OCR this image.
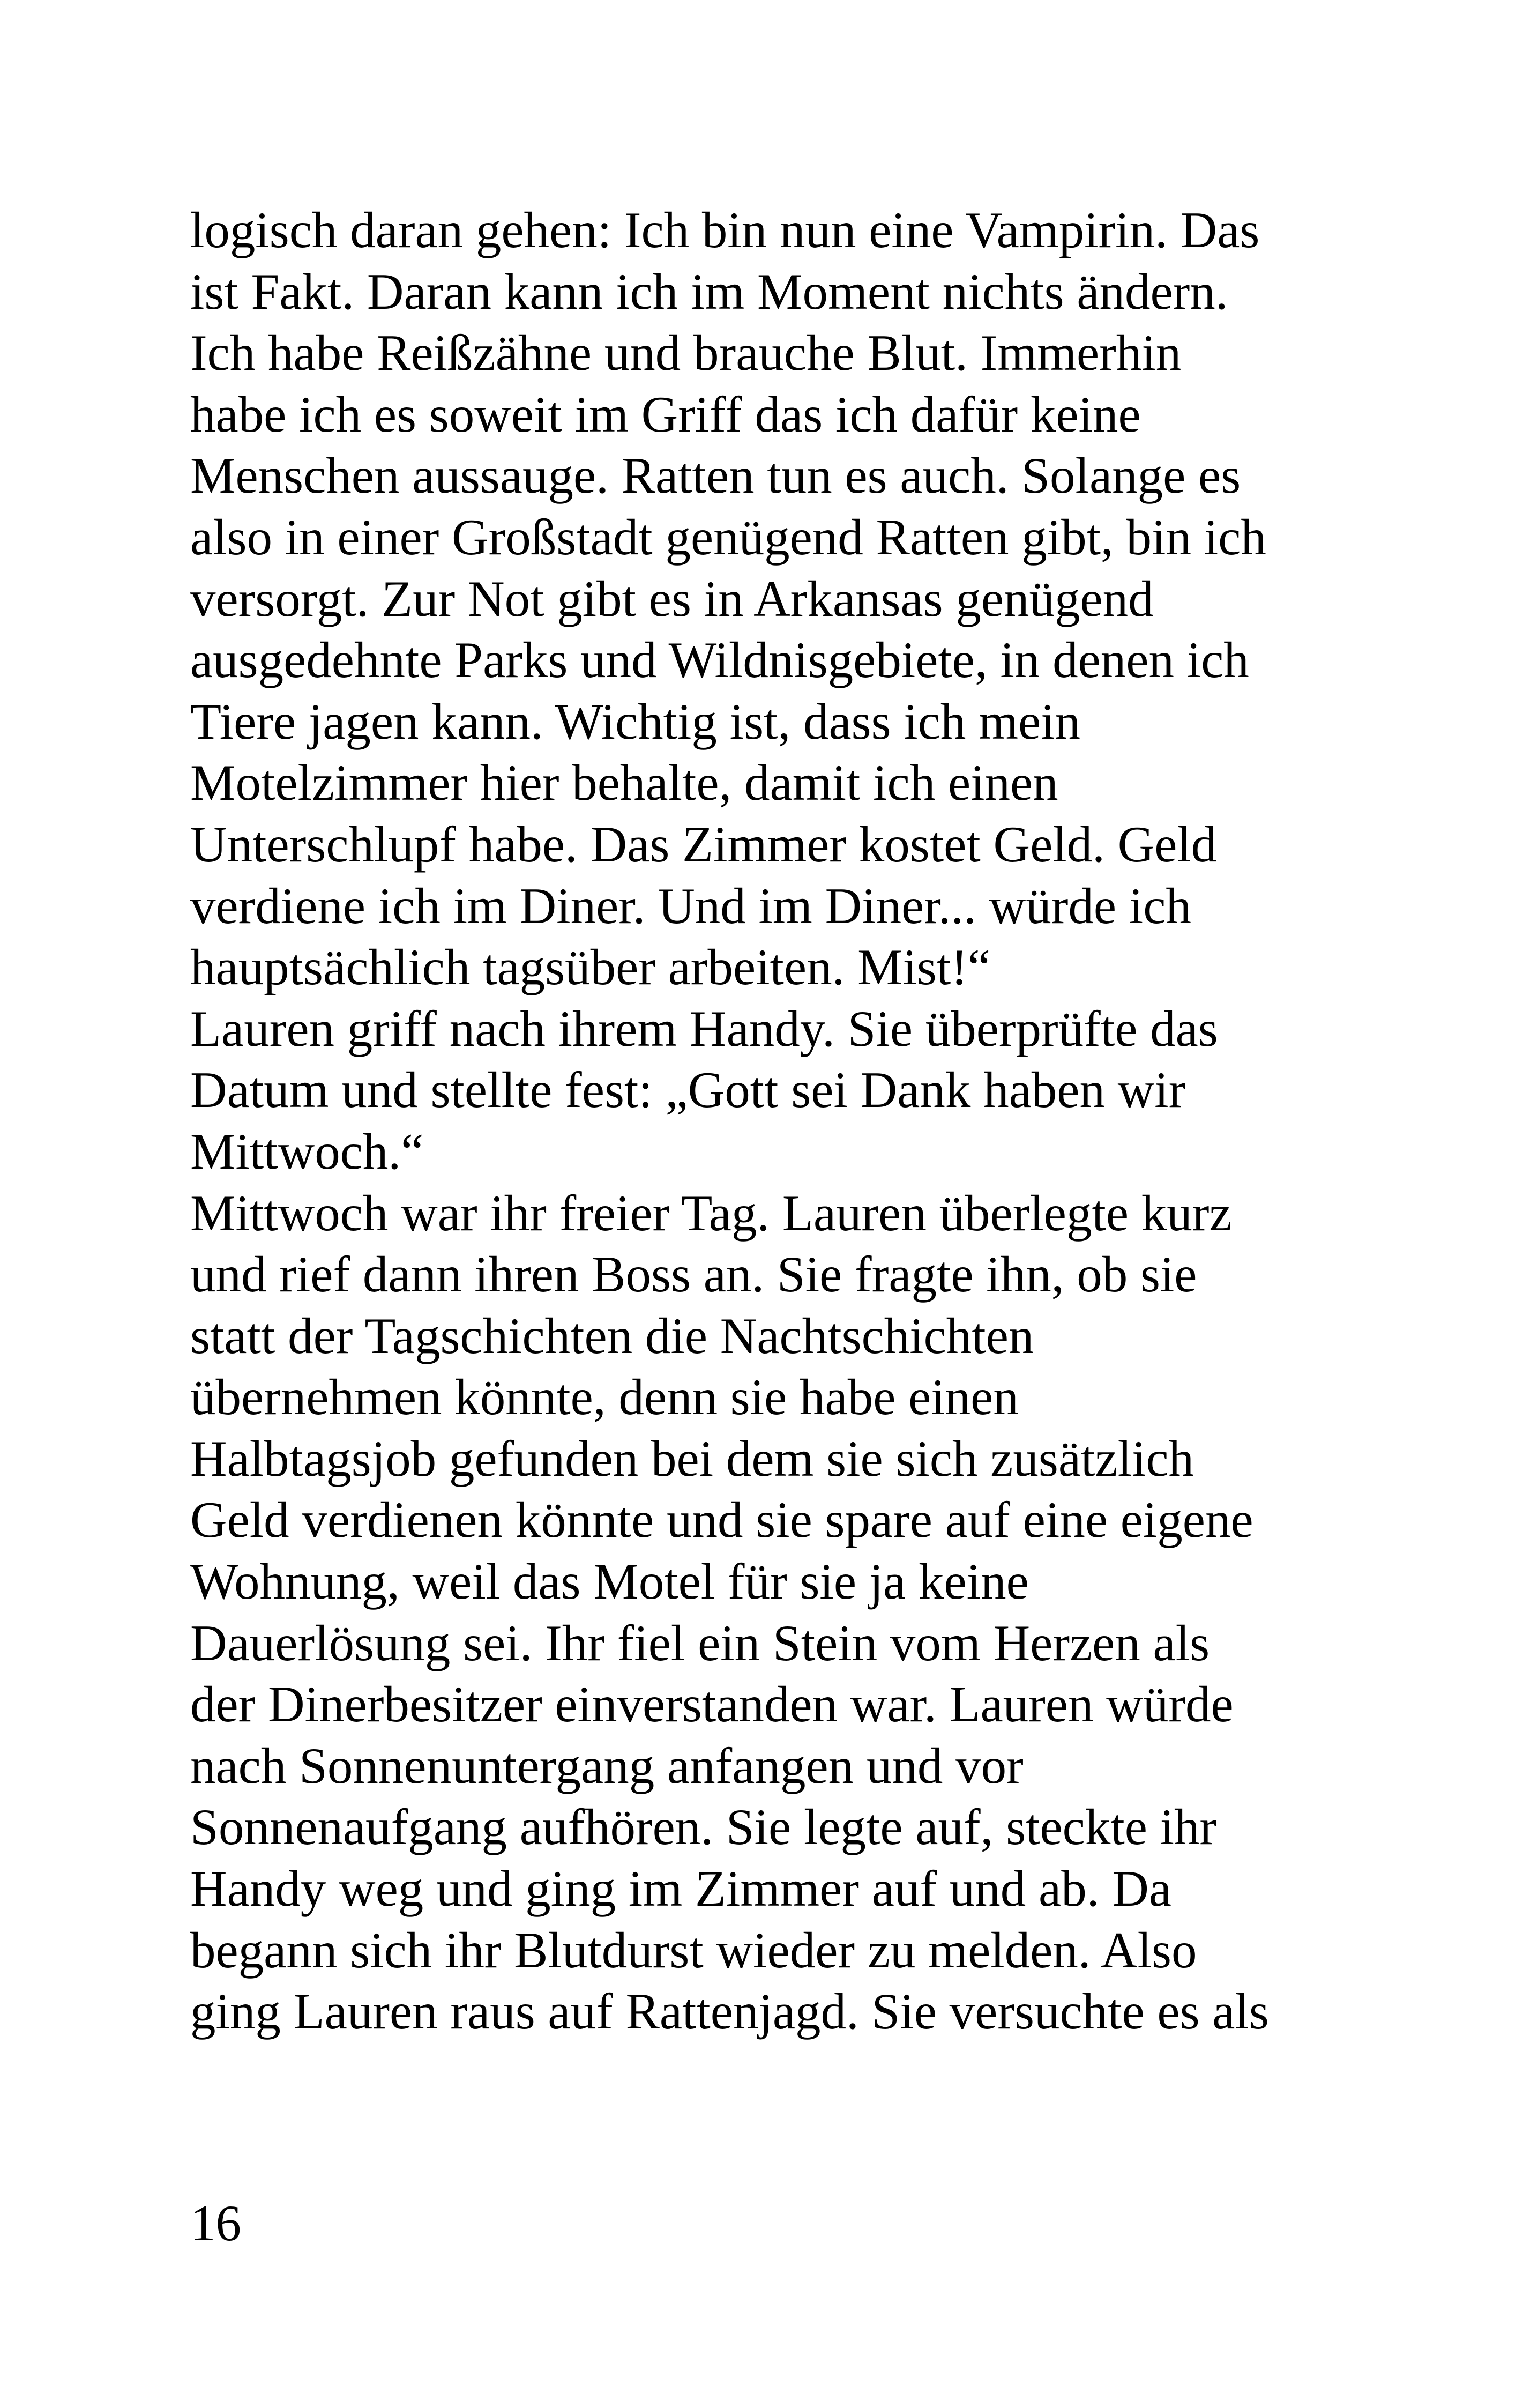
logisch daran gehen: Ich bin nun eine Vampirin. Das
ist Fakt. Daran kann ich im Moment nichts ändern.
Ich habe Reißzähne und brauche Blut. Immerhin
habe ich es soweit im Griff das ich dafür keine
Menschen aussauge. Ratten tun es auch. Solange es
also in einer Großstadt genügend Ratten gibt, bin ich
versorgt. Zur Not gibt es in Arkansas genügend
ausgedehnte Parks und Wildnisgebiete, in denen ich
Tiere jagen kann. Wichtig ist, dass ich mein
Motelzimmer hier behalte, damit ich einen
Unterschlupf habe. Das Zimmer kostet Geld. Geld
verdiene ich im Diner. Und im Diner... würde ich
hauptsächlich tagsüber arbeiten. Mist!“
Lauren griff nach ihrem Handy. Sie überprüfte das
Datum und stellte fest: „Gott sei Dank haben wir
Mittwoch.“
Mittwoch war ihr freier Tag. Lauren überlegte kurz
und rief dann ihren Boss an. Sie fragte ihn, ob sie
statt der Tagschichten die Nachtschichten
übernehmen könnte, denn sie habe einen
Halbtagsjob gefunden bei dem sie sich zusätzlich
Geld verdienen könnte und sie spare auf eine eigene
Wohnung, weil das Motel für sie ja keine
Dauerlösung sei. Ihr fiel ein Stein vom Herzen als
der Dinerbesitzer einverstanden war. Lauren würde
nach Sonnenuntergang anfangen und vor
Sonnenaufgang aufhören. Sie legte auf, steckte ihr
Handy weg und ging im Zimmer auf und ab. Da
begann sich ihr Blutdurst wieder zu melden. Also
ging Lauren raus auf Rattenjagd. Sie versuchte es als
16
